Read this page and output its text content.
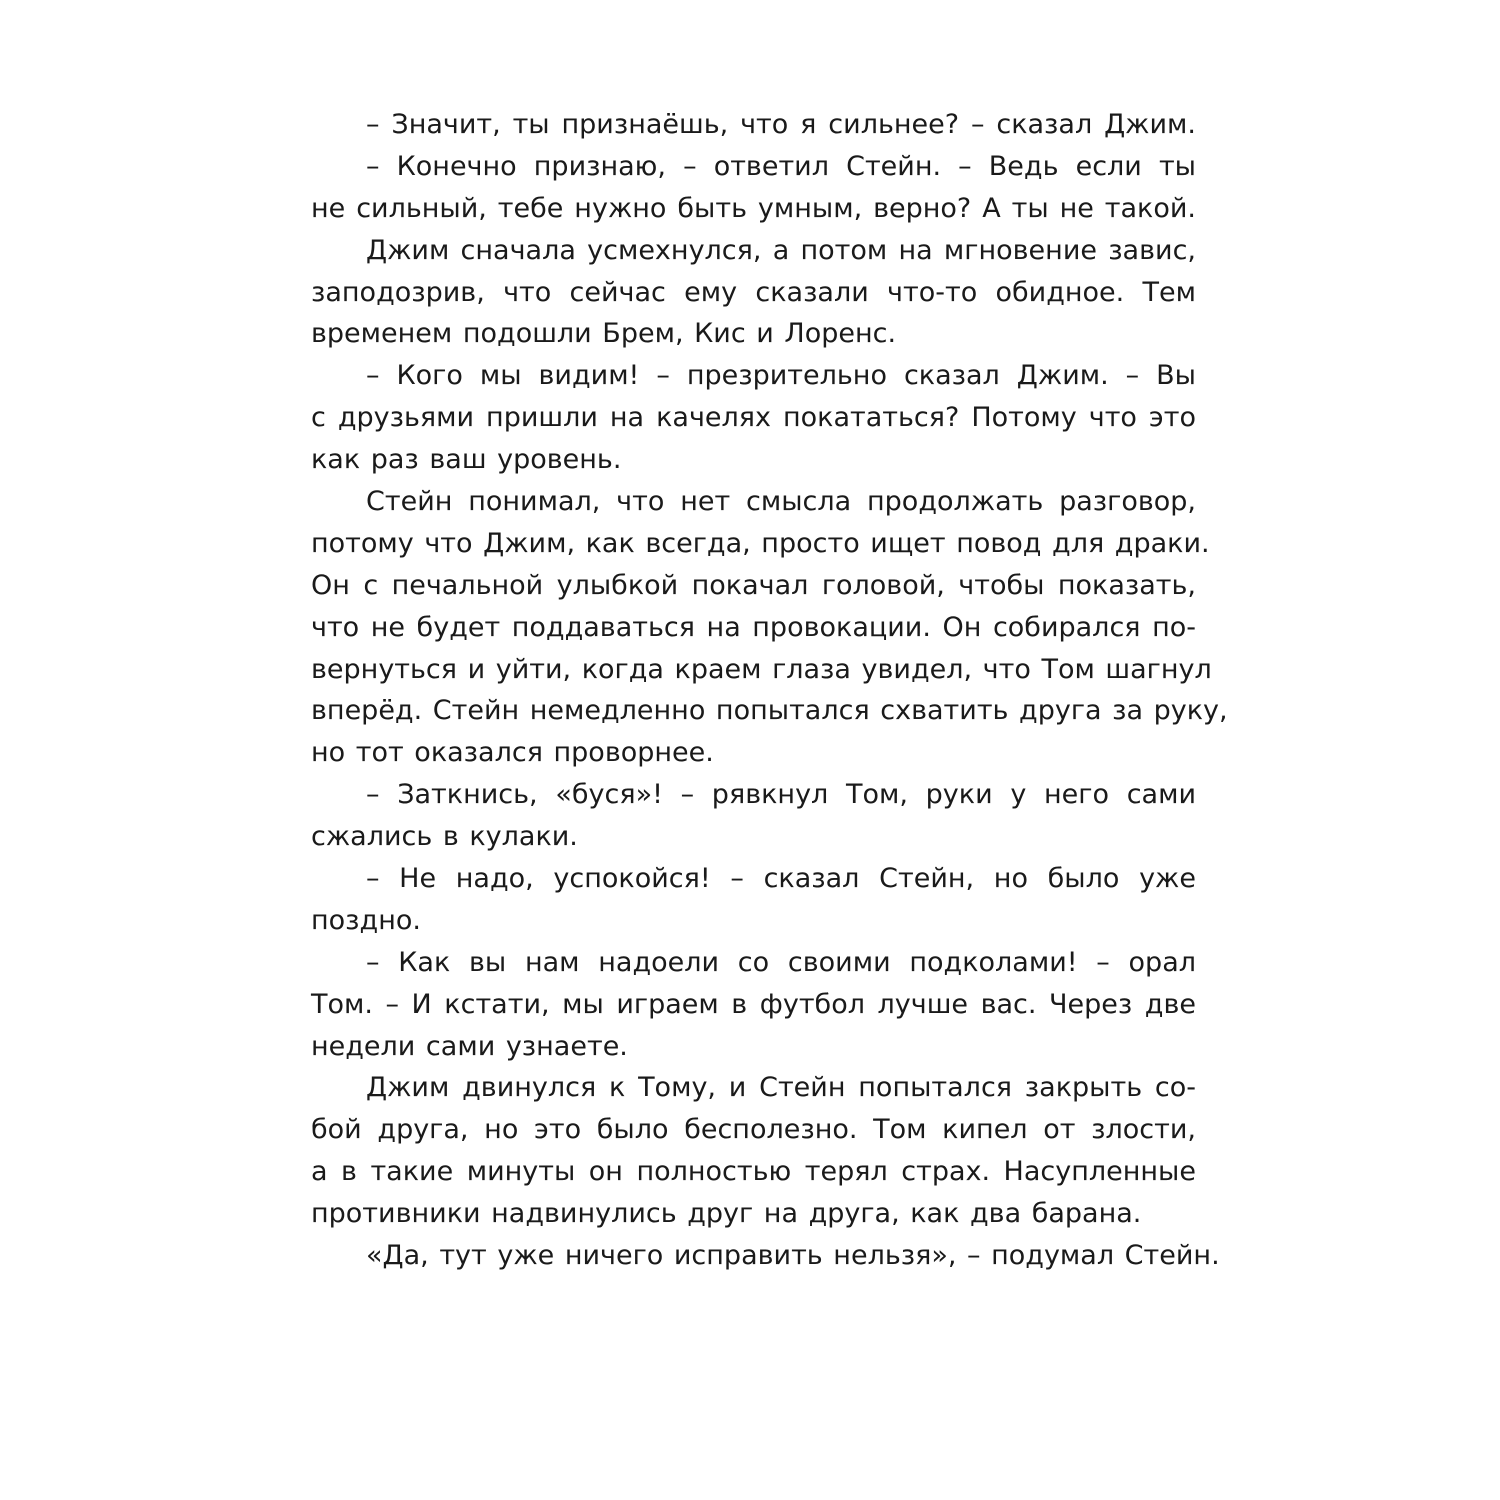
– Значит, ты признаёшь, что я сильнее? – сказал Джим.
– Конечно признаю, – ответил Стейн. – Ведь если ты
не сильный, тебе нужно быть умным, верно? А ты не такой.
Джим сначала усмехнулся, а потом на мгновение завис,
заподозрив, что сейчас ему сказали что-то обидное. Тем
временем подошли Брем, Кис и Лоренс.
– Кого мы видим! – презрительно сказал Джим. – Вы
с друзьями пришли на качелях покататься? Потому что это
как раз ваш уровень.
Стейн понимал, что нет смысла продолжать разговор,
потому что Джим, как всегда, просто ищет повод для драки.
Он с печальной улыбкой покачал головой, чтобы показать,
что не будет поддаваться на провокации. Он собирался по-
вернуться и уйти, когда краем глаза увидел, что Том шагнул
вперёд. Стейн немедленно попытался схватить друга за руку,
но тот оказался проворнее.
– Заткнись, «буся»! – рявкнул Том, руки у него сами
сжались в кулаки.
– Не надо, успокойся! – сказал Стейн, но было уже
поздно.
– Как вы нам надоели со своими подколами! – орал
Том. – И кстати, мы играем в футбол лучше вас. Через две
недели сами узнаете.
Джим двинулся к Тому, и Стейн попытался закрыть со-
бой друга, но это было бесполезно. Том кипел от злости,
а в такие минуты он полностью терял страх. Насупленные
противники надвинулись друг на друга, как два барана.
«Да, тут уже ничего исправить нельзя», – подумал Стейн.
